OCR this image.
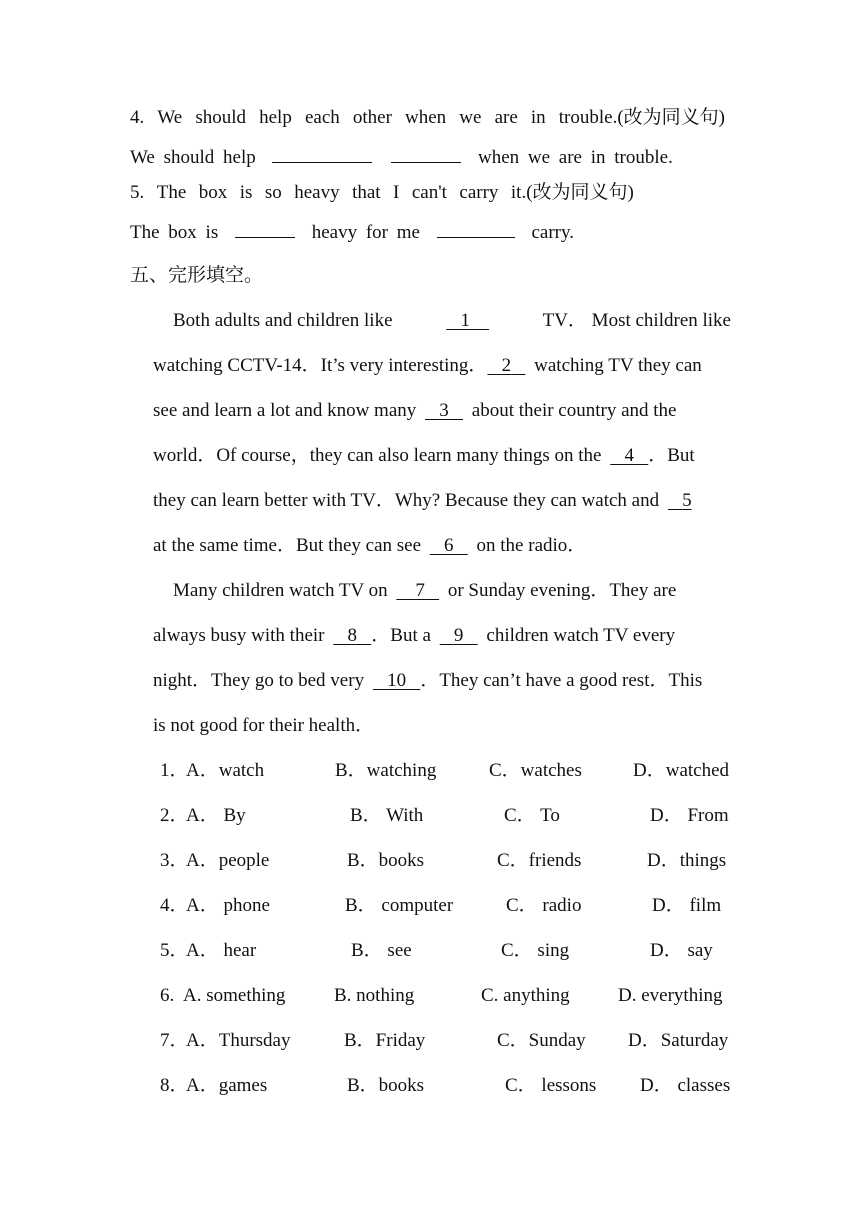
4. We should help each other when we are in trouble.(改为同义句)
We should help	when we are in trouble.
5. The box is so heavy that I can't carry it.(改为同义句)
The box is	heavy for me	carry.
五、完形填空。
Both adults and children like	1	TV． Most children like
watching CCTV-14．It’s very interesting． 2 watching TV they can
see and learn a lot and know many 3 about their country and the
world．Of course，they can also learn many things on the 4 ．But
they can learn better with TV．Why? Because they can watch and 5
at the same time．But they can see 6 on the radio．
Many children watch TV on 7 or Sunday evening．They are
always busy with their 8 ．But a 9 children watch TV every
night．They go to bed very 10 ．They can’t have a good rest．This
is not good for their health．
1．
A．watch	B．watching	C．watches	D．watched
2．
A． By	B． With	C． To	D． From
3．
A．people	B．books	C．friends	D．things
4．
A． phone	B． computer	C． radio	D． film
5．
A． hear	B． see	C． sing	D． say
6. A. something	B. nothing	C. anything	D. everything
7．
A．Thursday	B．Friday	C．Sunday D．Saturday
8．
A．games	B．books	C． lessons D． classes
